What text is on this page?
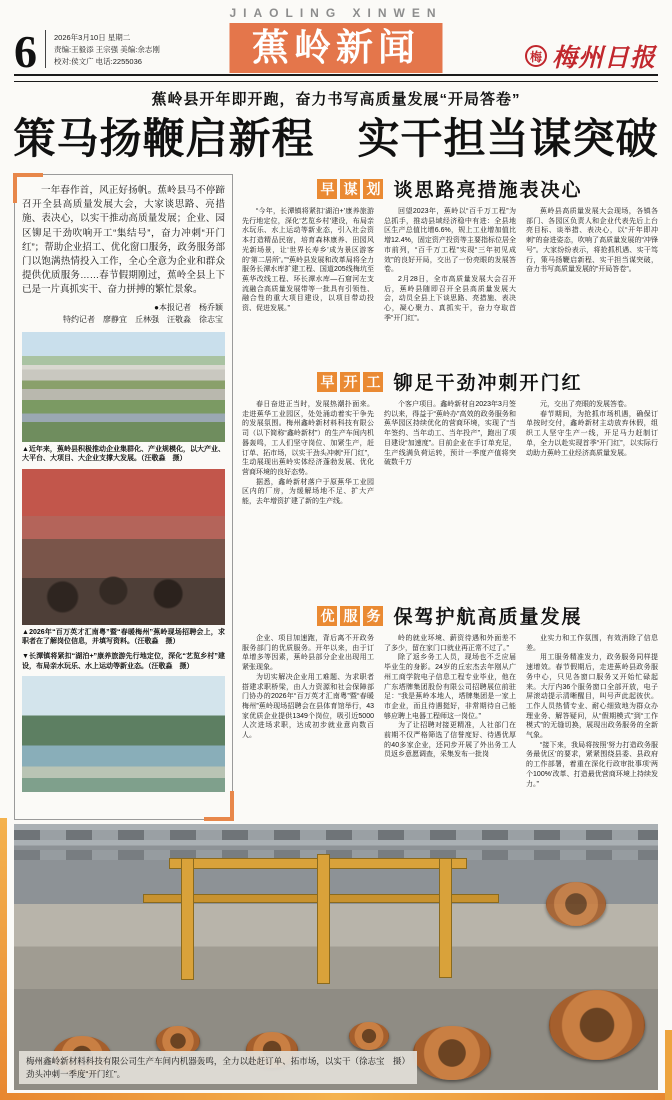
6 2026年3月10日 星期二
责编:王毅添 王宗强 美编:余志刚
校对:侯文广 电话:2255036
JIAOLING XINWEN
蕉岭新闻	梅 梅州日报
蕉岭县开年即开跑，奋力书写高质量发展“开局答卷”
策马扬鞭启新程　实干担当谋突破

一年春作首，风正好扬帆。蕉岭县马不停蹄召开全县高质量发展大会，大家谈思路、亮措施、表决心，以实干推动高质量发展；企业、园区铆足干劲吹响开工“集结号”，奋力冲刺“开门红”；帮助企业招工、优化窗口服务，政务服务部门以饱满热情投入工作，全心全意为企业和群众提供优质服务……春节假期刚过，蕉岭全县上下已是一片真抓实干、奋力拼搏的繁忙景象。

●本报记者　杨乔颖
特约记者　廖静宜　丘林强　汪敬淼　徐志宝

▲近年来，蕉岭县积极推动企业集群化、产业规模化，以大产业、大平台、大项目、大企业支撑大发展。（汪敬淼　摄）

▲2026年“百万英才汇南粤”暨“春暖梅州”蕉岭现场招聘会上，求职者在了解岗位信息，并填写资料。（汪敬淼　摄）

▼长潭镇将紧扣“湖泊+”康养旅游先行地定位，深化“艺览乡村”建设，布局亲水玩乐、水上运动等新业态。（汪敬淼　摄）

早 谋 划 谈思路亮措施表决心

“今年，长潭镇将紧扣‘湖泊+’康养旅游先行地定位，深化‘艺览乡村’建设，布局亲水玩乐、水上运动等新业态，引入社会资本打造精品民宿，培育森林康养、田园风光新场景，让‘世界长寿乡’成为景区游客的‘第二居所’。”“蕉岭县发展和改革局将全力服务长潭水库扩建工程、国道205线梅坑至蕉华改线工程、环长潭水库—石窟河左支流融合高质量发展带等一批具有引领性、融合性的重大项目建设，以项目带动投资、促进发展。”

回望2023年，蕉岭以“百千万工程”为总抓手，推动县域经济稳中有进：全县地区生产总值比增6.6%，规上工业增加值比增12.4%，固定资产投资等主要指标位居全市前列，“百千万工程”实现“三年初见成效”的良好开局，交出了一份亮眼的发展答卷。

2月28日，全市高质量发展大会召开后，蕉岭县随即召开全县高质量发展大会，动员全县上下谈思路、亮措施、表决心，凝心聚力、真抓实干，奋力夺取首季“开门红”。

蕉岭县高质量发展大会现场，各镇各部门、各园区负责人和企业代表先后上台亮目标、谈举措、表决心，以“开年即冲刺”的奋进姿态，吹响了高质量发展的“冲锋号”。大家纷纷表示，将抢抓机遇、实干笃行，策马扬鞭启新程、实干担当谋突破，奋力书写高质量发展的“开局答卷”。

早 开 工 铆足干劲冲刺开门红

春日奋进正当时，发展热潮扑面来。走进蕉华工业园区，处处涌动着实干争先的发展氛围。梅州鑫岭新材料科技有限公司（以下简称“鑫岭新材”）的生产车间内机器轰鸣，工人们坚守岗位、加紧生产，赶订单、拓市场，以实干劲头冲刺“开门红”，生动展现出蕉岭实体经济蓬勃发展、优化营商环境的良好态势。

据悉，鑫岭新材落户于原蕉华工业园区内的厂房，为缓解场地不足、扩大产能，去年增资扩建了新的生产线。

个客户项目。鑫岭新材自2023年3月签约以来，得益于“蕉岭办”高效的政务服务和蕉华园区持续优化的营商环境，实现了“当年签约、当年动工、当年投产”，跑出了项目建设“加速度”。目前企业在手订单充足，生产线满负荷运转，预计一季度产值将突破数千万

元，交出了亮眼的发展答卷。

春节期间，为抢抓市场机遇，确保订单按时交付，鑫岭新材主动放弃休假，组织工人坚守生产一线，开足马力赶制订单，全力以赴实现首季“开门红”，以实际行动助力蕉岭工业经济高质量发展。

优 服 务 保驾护航高质量发展

企业、项目加速跑，背后离不开政务服务部门的优质服务。开年以来，由于订单增多等因素，蕉岭县部分企业出现用工紧张现象。

为切实解决企业用工难题、为求职者搭建求职桥梁，由人力资源和社会保障部门协办的2026年“百万英才汇南粤”暨“春暖梅州”蕉岭现场招聘会在县体育馆举行，43家优质企业提供1349个岗位，吸引近5000人次进场求职，达成初步就业意向数百人。

岭的就业环境、薪资待遇和外面差不了多少，留在家门口就业再正常不过了。”

除了返乡务工人员，现场也不乏应届毕业生的身影。24岁的丘宏杰去年刚从广州工商学院电子信息工程专业毕业，他在广东塔牌集团股份有限公司招聘展位前驻足：“我是蕉岭本地人，塔牌集团是一家上市企业，而且待遇挺好，非常期待自己能够应聘上电器工程师这一岗位。”

为了让招聘对接更精准，人社部门在前期不仅严格筛选了信誉度好、待遇优厚的40多家企业，还同步开展了外出务工人员返乡意愿调查，采集发布一批岗

业实力和工作氛围，有效消除了信息差。

用工服务精准发力，政务服务同样提速增效。春节假期后，走进蕉岭县政务服务中心，只见各窗口服务又开始忙碌起来。大厅内36个服务窗口全部开放，电子屏滚动提示清晰醒目，叫号声此起彼伏。工作人员热情专业、耐心细致地为群众办理业务、解答疑问，从“假期模式”到“工作模式”的无缝切换，展现出政务服务的全新气象。

“接下来，我局将按照‘努力打造政务服务最优区’的要求，紧紧围绕县委、县政府的工作部署，着重在深化行政审批事项‘两个100%’改革、打造最优营商环境上持续发力。”

（徐志宝　摄）
梅州鑫岭新材料科技有限公司生产车间内机器轰鸣，全力以赴赶订单、拓市场，以实干劲头冲刺一季度“开门红”。
